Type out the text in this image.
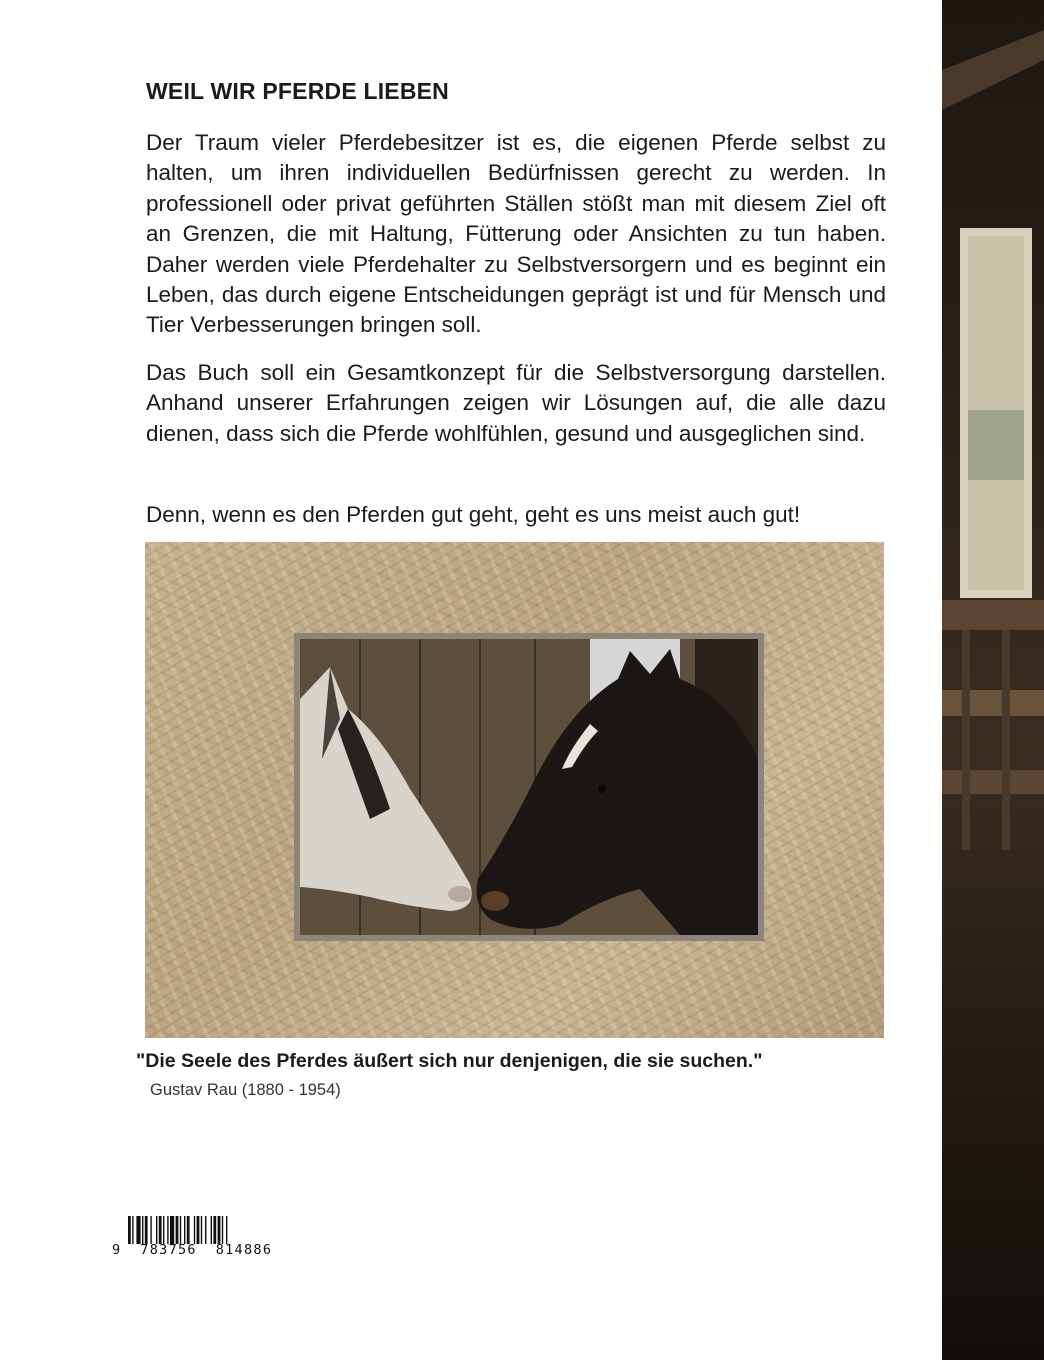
WEIL WIR PFERDE LIEBEN

Der Traum vieler Pferdebesitzer ist es, die eigenen Pferde selbst zu halten, um ihren individuellen Bedürfnissen gerecht zu werden. In professionell oder privat geführten Ställen stößt man mit diesem Ziel oft an Grenzen, die mit Haltung, Fütterung oder Ansichten zu tun haben. Daher werden viele Pferdehalter zu Selbstversorgern und es beginnt ein Leben, das durch eigene Entscheidungen geprägt ist und für Mensch und Tier Verbesserungen bringen soll.

Das Buch soll ein Gesamtkonzept für die Selbstversorgung darstellen. Anhand unserer Erfahrungen zeigen wir Lösungen auf, die alle dazu dienen, dass sich die Pferde wohlfühlen, gesund und ausgeglichen sind.

Denn, wenn es den Pferden gut geht, geht es uns meist auch gut!

"Die Seele des Pferdes äußert sich nur denjenigen, die sie suchen."

Gustav Rau (1880 - 1954)

9  783756  814886
